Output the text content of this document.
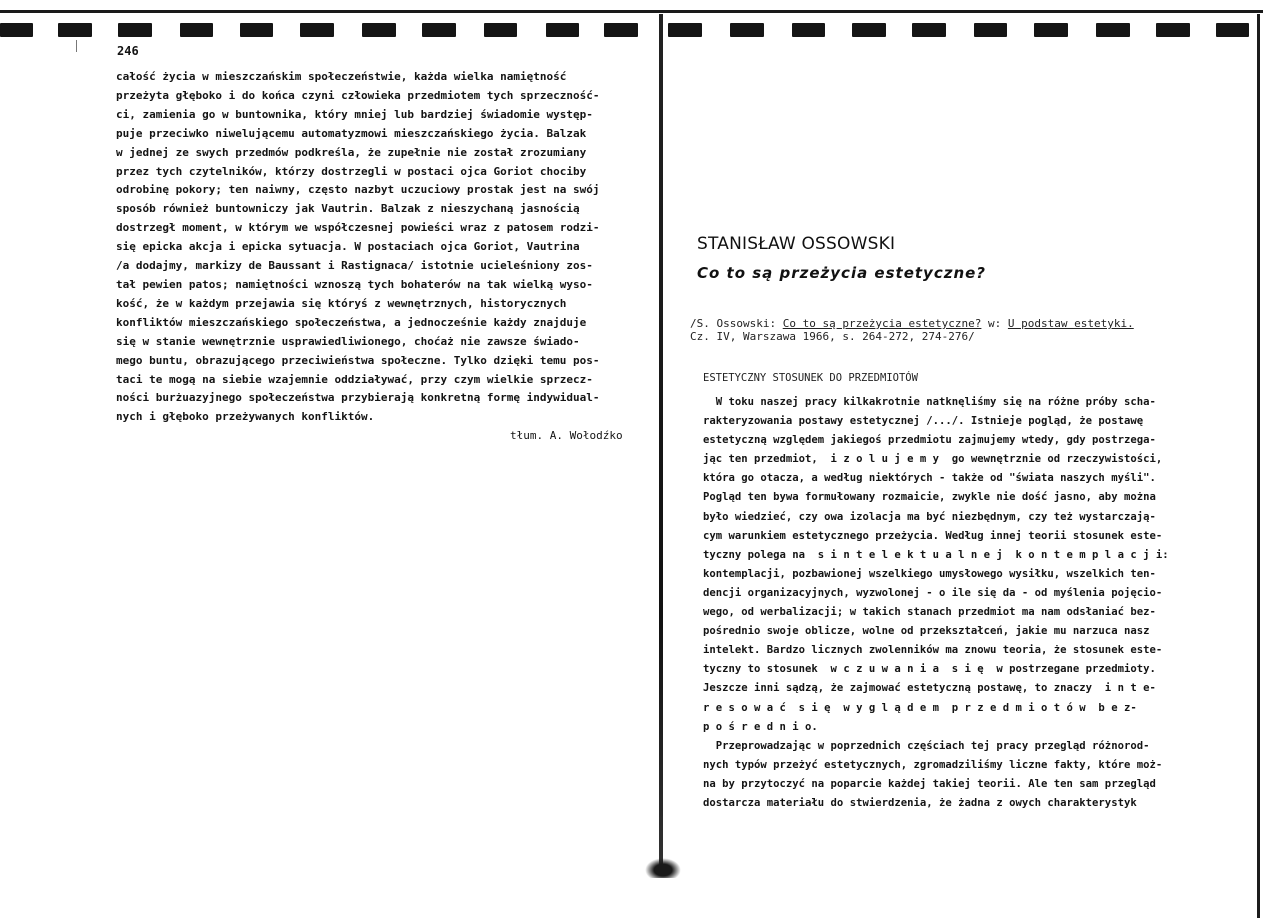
246
całość życia w mieszczańskim społeczeństwie, każda wielka namiętność
przeżyta głęboko i do końca czyni człowieka przedmiotem tych sprzeczność-
ci, zamienia go w buntownika, który mniej lub bardziej świadomie występ-
puje przeciwko niwelującemu automatyzmowi mieszczańskiego życia. Balzak
w jednej ze swych przedmów podkreśla, że zupełnie nie został zrozumiany
przez tych czytelników, którzy dostrzegli w postaci ojca Goriot chociby
odrobinę pokory; ten naiwny, często nazbyt uczuciowy prostak jest na swój
sposób również buntowniczy jak Vautrin. Balzak z nieszychaną jasnością
dostrzegł moment, w którym we współczesnej powieści wraz z patosem rodzi-
się epicka akcja i epicka sytuacja. W postaciach ojca Goriot, Vautrina
/a dodajmy, markizy de Baussant i Rastignaca/ istotnie ucieleśniony zos-
tał pewien patos; namiętności wznoszą tych bohaterów na tak wielką wyso-
kość, że w każdym przejawia się któryś z wewnętrznych, historycznych
konfliktów mieszczańskiego społeczeństwa, a jednocześnie każdy znajduje
się w stanie wewnętrznie usprawiedliwionego, choćaż nie zawsze świado-
mego buntu, obrazującego przeciwieństwa społeczne. Tylko dzięki temu pos-
taci te mogą na siebie wzajemnie oddziaływać, przy czym wielkie sprzecz-
ności burżuazyjnego społeczeństwa przybierają konkretną formę indywidual-
nych i głęboko przeżywanych konfliktów.
tłum. A. Wołodźko
STANISŁAW OSSOWSKI
Co to są przeżycia estetyczne?
/S. Ossowski: Co to są przeżycia estetyczne? w: U podstaw estetyki.
Cz. IV, Warszawa 1966, s. 264-272, 274-276/
ESTETYCZNY STOSUNEK DO PRZEDMIOTÓW
W toku naszej pracy kilkakrotnie natknęliśmy się na różne próby scha-
rakteryzowania postawy estetycznej /.../. Istnieje pogląd, że postawę
estetyczną względem jakiegoś przedmiotu zajmujemy wtedy, gdy postrzega-
jąc ten przedmiot,  i z o l u j e m y  go wewnętrznie od rzeczywistości,
która go otacza, a według niektórych - także od "świata naszych myśli".
Pogląd ten bywa formułowany rozmaicie, zwykle nie dość jasno, aby można
było wiedzieć, czy owa izolacja ma być niezbędnym, czy też wystarczają-
cym warunkiem estetycznego przeżycia. Według innej teorii stosunek este-
tyczny polega na  s i n t e l e k t u a l n e j  k o n t e m p l a c j i:
kontemplacji, pozbawionej wszelkiego umysłowego wysiłku, wszelkich ten-
dencji organizacyjnych, wyzwolonej - o ile się da - od myślenia pojęcio-
wego, od werbalizacji; w takich stanach przedmiot ma nam odsłaniać bez-
pośrednio swoje oblicze, wolne od przekształceń, jakie mu narzuca nasz
intelekt. Bardzo licznych zwolenników ma znowu teoria, że stosunek este-
tyczny to stosunek  w c z u w a n i a  s i ę  w postrzegane przedmioty.
Jeszcze inni sądzą, że zajmować estetyczną postawę, to znaczy  i n t e-
r e s o w a ć  s i ę  w y g l ą d e m  p r z e d m i o t ó w  b e z-
p o ś r e d n i o.
Przeprowadzając w poprzednich częściach tej pracy przegląd różnorod-
nych typów przeżyć estetycznych, zgromadziliśmy liczne fakty, które moż-
na by przytoczyć na poparcie każdej takiej teorii. Ale ten sam przegląd
dostarcza materiału do stwierdzenia, że żadna z owych charakterystyk
